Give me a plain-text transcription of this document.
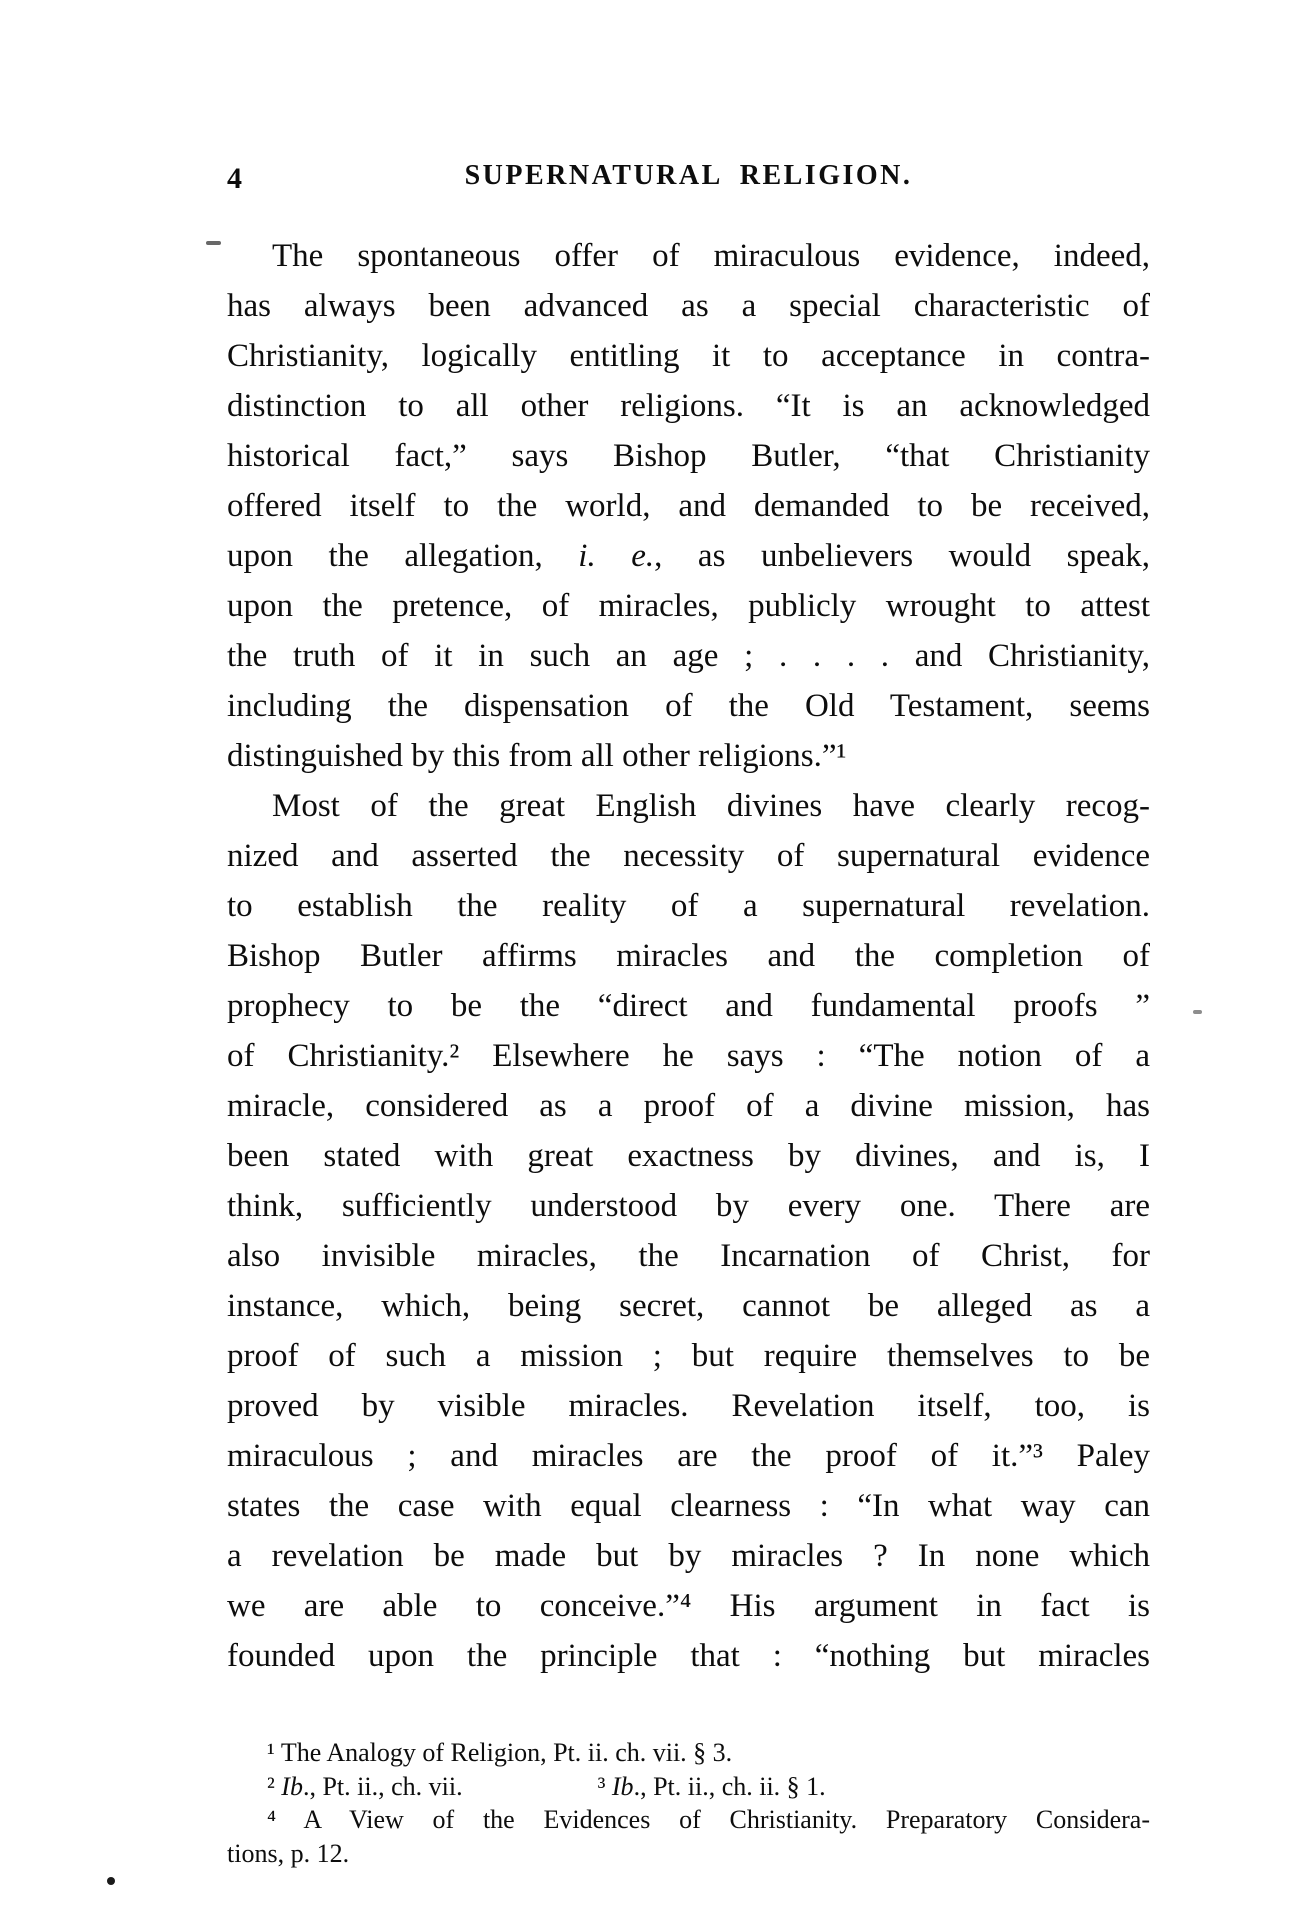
4	SUPERNATURAL RELIGION.
The spontaneous offer of miraculous evidence, indeed,
has always been advanced as a special characteristic of
Christianity, logically entitling it to acceptance in contra-
distinction to all other religions. “It is an acknowledged
historical fact,” says Bishop Butler, “that Christianity
offered itself to the world, and demanded to be received,
upon the allegation, i. e., as unbelievers would speak,
upon the pretence, of miracles, publicly wrought to attest
the truth of it in such an age ; . . . . and Christianity,
including the dispensation of the Old Testament, seems
distinguished by this from all other religions.”¹
Most of the great English divines have clearly recog-
nized and asserted the necessity of supernatural evidence
to establish the reality of a supernatural revelation.
Bishop Butler affirms miracles and the completion of
prophecy to be the “direct and fundamental proofs ”
of Christianity.² Elsewhere he says : “The notion of a
miracle, considered as a proof of a divine mission, has
been stated with great exactness by divines, and is, I
think, sufficiently understood by every one. There are
also invisible miracles, the Incarnation of Christ, for
instance, which, being secret, cannot be alleged as a
proof of such a mission ; but require themselves to be
proved by visible miracles. Revelation itself, too, is
miraculous ; and miracles are the proof of it.”³ Paley
states the case with equal clearness : “In what way can
a revelation be made but by miracles ? In none which
we are able to conceive.”⁴ His argument in fact is
founded upon the principle that : “nothing but miracles
¹ The Analogy of Religion, Pt. ii. ch. vii. § 3.
² Ib., Pt. ii., ch. vii.	³ Ib., Pt. ii., ch. ii. § 1.
⁴ A View of the Evidences of Christianity. Preparatory Considera-
tions, p. 12.
